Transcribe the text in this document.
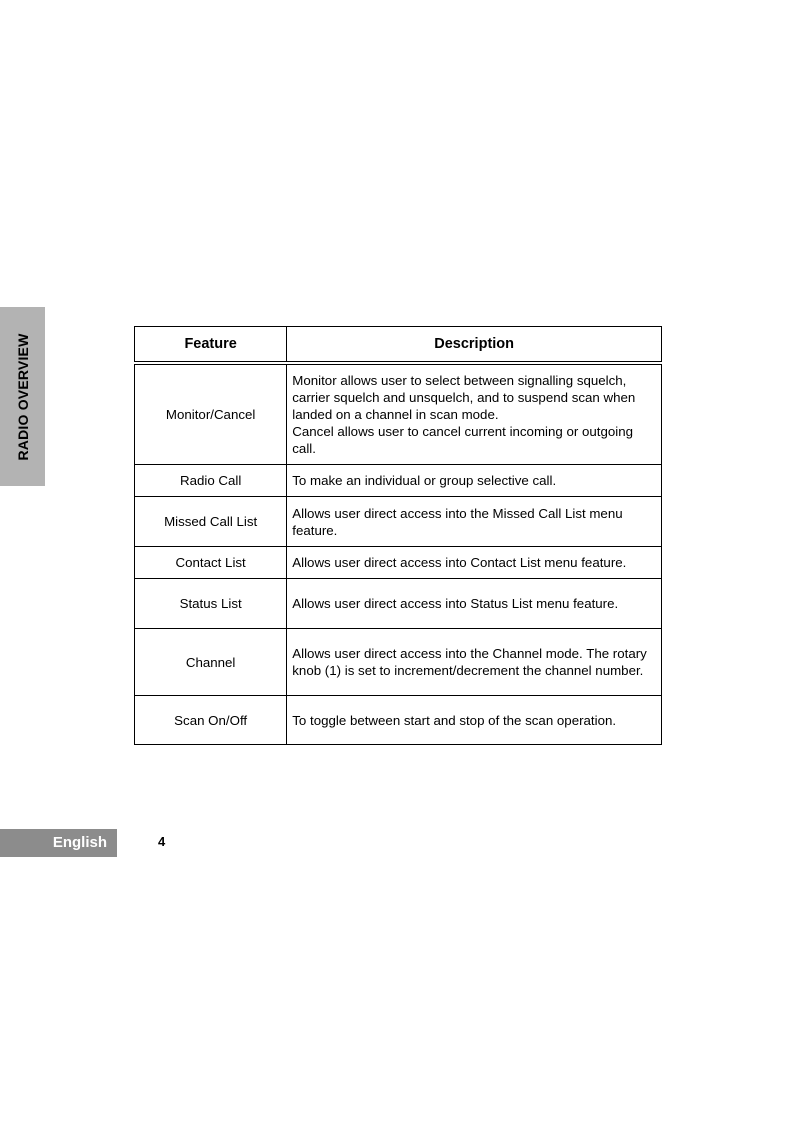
RADIO OVERVIEW	Feature	Description
Monitor/Cancel	Monitor allows user to select between signalling squelch, carrier squelch and unsquelch, and to suspend scan when landed on a channel in scan mode.
Cancel allows user to cancel current incoming or outgoing call.

Radio Call	To make an individual or group selective call.

Missed Call List	Allows user direct access into the Missed Call List menu feature.

Contact List	Allows user direct access into Contact List menu feature.

Status List	Allows user direct access into Status List menu feature.

Channel	Allows user direct access into the Channel mode. The rotary knob (1) is set to increment/decrement the channel number.

Scan On/Off	To toggle between start and stop of the scan operation.
English	4
